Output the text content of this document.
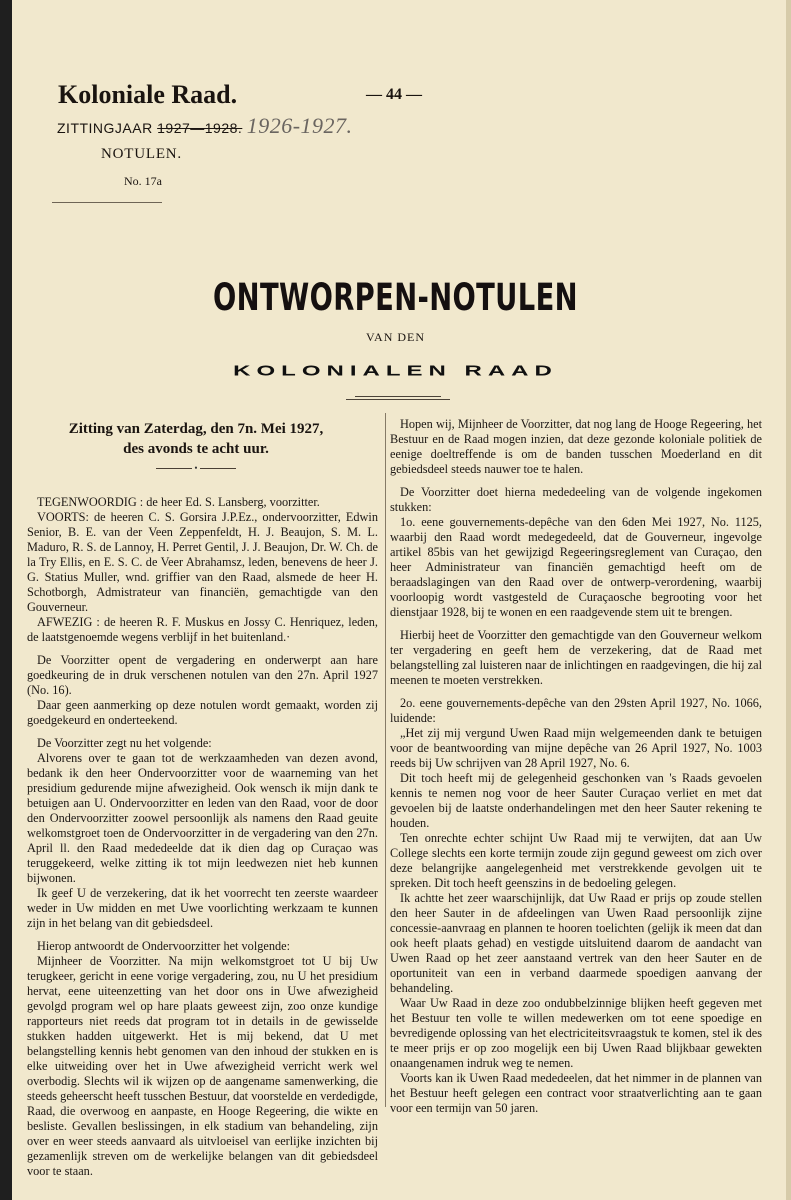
Koloniale Raad.	— 44 —
ZITTINGJAAR 1927—1928. 1926-1927.
NOTULEN.
No. 17a
ONTWORPEN-NOTULEN
VAN DEN
KOLONIALEN RAAD
Zitting van Zaterdag, den 7n. Mei 1927,
des avonds te acht uur.
•

TEGENWOORDIG : de heer Ed. S. Lansberg, voorzitter.

VOORTS: de heeren C. S. Gorsira J.P.Ez., ondervoorzitter, Edwin Senior, B. E. van der Veen Zeppenfeldt, H. J. Beaujon, S. M. L. Maduro, R. S. de Lannoy, H. Perret Gentil, J. J. Beaujon, Dr. W. Ch. de la Try Ellis, en E. S. C. de Veer Abrahamsz, leden, benevens de heer J. G. Statius Muller, wnd. griffier van den Raad, alsmede de heer H. Schotborgh, Admistrateur van financiën, gemachtigde van den Gouverneur.

AFWEZIG : de heeren R. F. Muskus en Jossy C. Henriquez, leden, de laatstgenoemde wegens verblijf in het buitenland.·

De Voorzitter opent de vergadering en onderwerpt aan hare goedkeuring de in druk verschenen notulen van den 27n. April 1927 (No. 16).

Daar geen aanmerking op deze notulen wordt gemaakt, worden zij goedgekeurd en onderteekend.

De Voorzitter zegt nu het volgende:

Alvorens over te gaan tot de werkzaamheden van dezen avond, bedank ik den heer Ondervoorzitter voor de waarneming van het presidium gedurende mijne afwezigheid. Ook wensch ik mijn dank te betuigen aan U. Ondervoorzitter en leden van den Raad, voor de door den Ondervoorzitter zoowel persoonlijk als namens den Raad geuite welkomstgroet toen de Ondervoorzitter in de vergadering van den 27n. April ll. den Raad mededeelde dat ik dien dag op Curaçao was teruggekeerd, welke zitting ik tot mijn leedwezen niet heb kunnen bijwonen.

Ik geef U de verzekering, dat ik het voorrecht ten zeerste waardeer weder in Uw midden en met Uwe voorlichting werkzaam te kunnen zijn in het belang van dit gebiedsdeel.

Hierop antwoordt de Ondervoorzitter het volgende:

Mijnheer de Voorzitter. Na mijn welkomstgroet tot U bij Uw terugkeer, gericht in eene vorige vergadering, zou, nu U het presidium hervat, eene uiteenzetting van het door ons in Uwe afwezigheid gevolgd program wel op hare plaats geweest zijn, zoo onze kundige rapporteurs niet reeds dat program tot in details in de gewisselde stukken hadden uitgewerkt. Het is mij bekend, dat U met belangstelling kennis hebt genomen van den inhoud der stukken en is elke uitweiding over het in Uwe afwezigheid verricht werk wel overbodig. Slechts wil ik wijzen op de aangename samenwerking, die steeds geheerscht heeft tusschen Bestuur, dat voorstelde en verdedigde, Raad, die overwoog en aanpaste, en Hooge Regeering, die wikte en besliste. Gevallen beslissingen, in elk stadium van behandeling, zijn over en weer steeds aanvaard als uitvloeisel van eerlijke inzichten bij gezamenlijk streven om de werkelijke belangen van dit gebiedsdeel voor te staan.

Hopen wij, Mijnheer de Voorzitter, dat nog lang de Hooge Regeering, het Bestuur en de Raad mogen inzien, dat deze gezonde koloniale politiek de eenige doeltreffende is om de banden tusschen Moederland en dit gebiedsdeel steeds nauwer toe te halen.

De Voorzitter doet hierna mededeeling van de volgende ingekomen stukken:

1o. eene gouvernements-depêche van den 6den Mei 1927, No. 1125, waarbij den Raad wordt medegedeeld, dat de Gouverneur, ingevolge artikel 85bis van het gewijzigd Regeeringsreglement van Curaçao, den heer Administrateur van financiën gemachtigd heeft om de beraadslagingen van den Raad over de ontwerp-verordening, waarbij voorloopig wordt vastgesteld de Curaçaosche begrooting voor het dienstjaar 1928, bij te wonen en een raadgevende stem uit te brengen.

Hierbij heet de Voorzitter den gemachtigde van den Gouverneur welkom ter vergadering en geeft hem de verzekering, dat de Raad met belangstelling zal luisteren naar de inlichtingen en raadgevingen, die hij zal meenen te moeten verstrekken.

2o. eene gouvernements-depêche van den 29sten April 1927, No. 1066, luidende:

„Het zij mij vergund Uwen Raad mijn welgemeenden dank te betuigen voor de beantwoording van mijne depêche van 26 April 1927, No. 1003 reeds bij Uw schrijven van 28 April 1927, No. 6.

Dit toch heeft mij de gelegenheid geschonken van 's Raads gevoelen kennis te nemen nog voor de heer Sauter Curaçao verliet en met dat gevoelen bij de laatste onderhandelingen met den heer Sauter rekening te houden.

Ten onrechte echter schijnt Uw Raad mij te verwijten, dat aan Uw College slechts een korte termijn zoude zijn gegund geweest om zich over deze belangrijke aangelegenheid met verstrekkende gevolgen uit te spreken. Dit toch heeft geenszins in de bedoeling gelegen.

Ik achtte het zeer waarschijnlijk, dat Uw Raad er prijs op zoude stellen den heer Sauter in de afdeelingen van Uwen Raad persoonlijk zijne concessie-aanvraag en plannen te hooren toelichten (gelijk ik meen dat dan ook heeft plaats gehad) en vestigde uitsluitend daarom de aandacht van Uwen Raad op het zeer aanstaand vertrek van den heer Sauter en de oportuniteit van een in verband daarmede spoedigen aanvang der behandeling.

Waar Uw Raad in deze zoo ondubbelzinnige blijken heeft gegeven met het Bestuur ten volle te willen medewerken om tot eene spoedige en bevredigende oplossing van het electriciteitsvraagstuk te komen, stel ik des te meer prijs er op zoo mogelijk een bij Uwen Raad blijkbaar gewekten onaangenamen indruk weg te nemen.

Voorts kan ik Uwen Raad mededeelen, dat het nimmer in de plannen van het Bestuur heeft gelegen een contract voor straatverlichting aan te gaan voor een termijn van 50 jaren.
